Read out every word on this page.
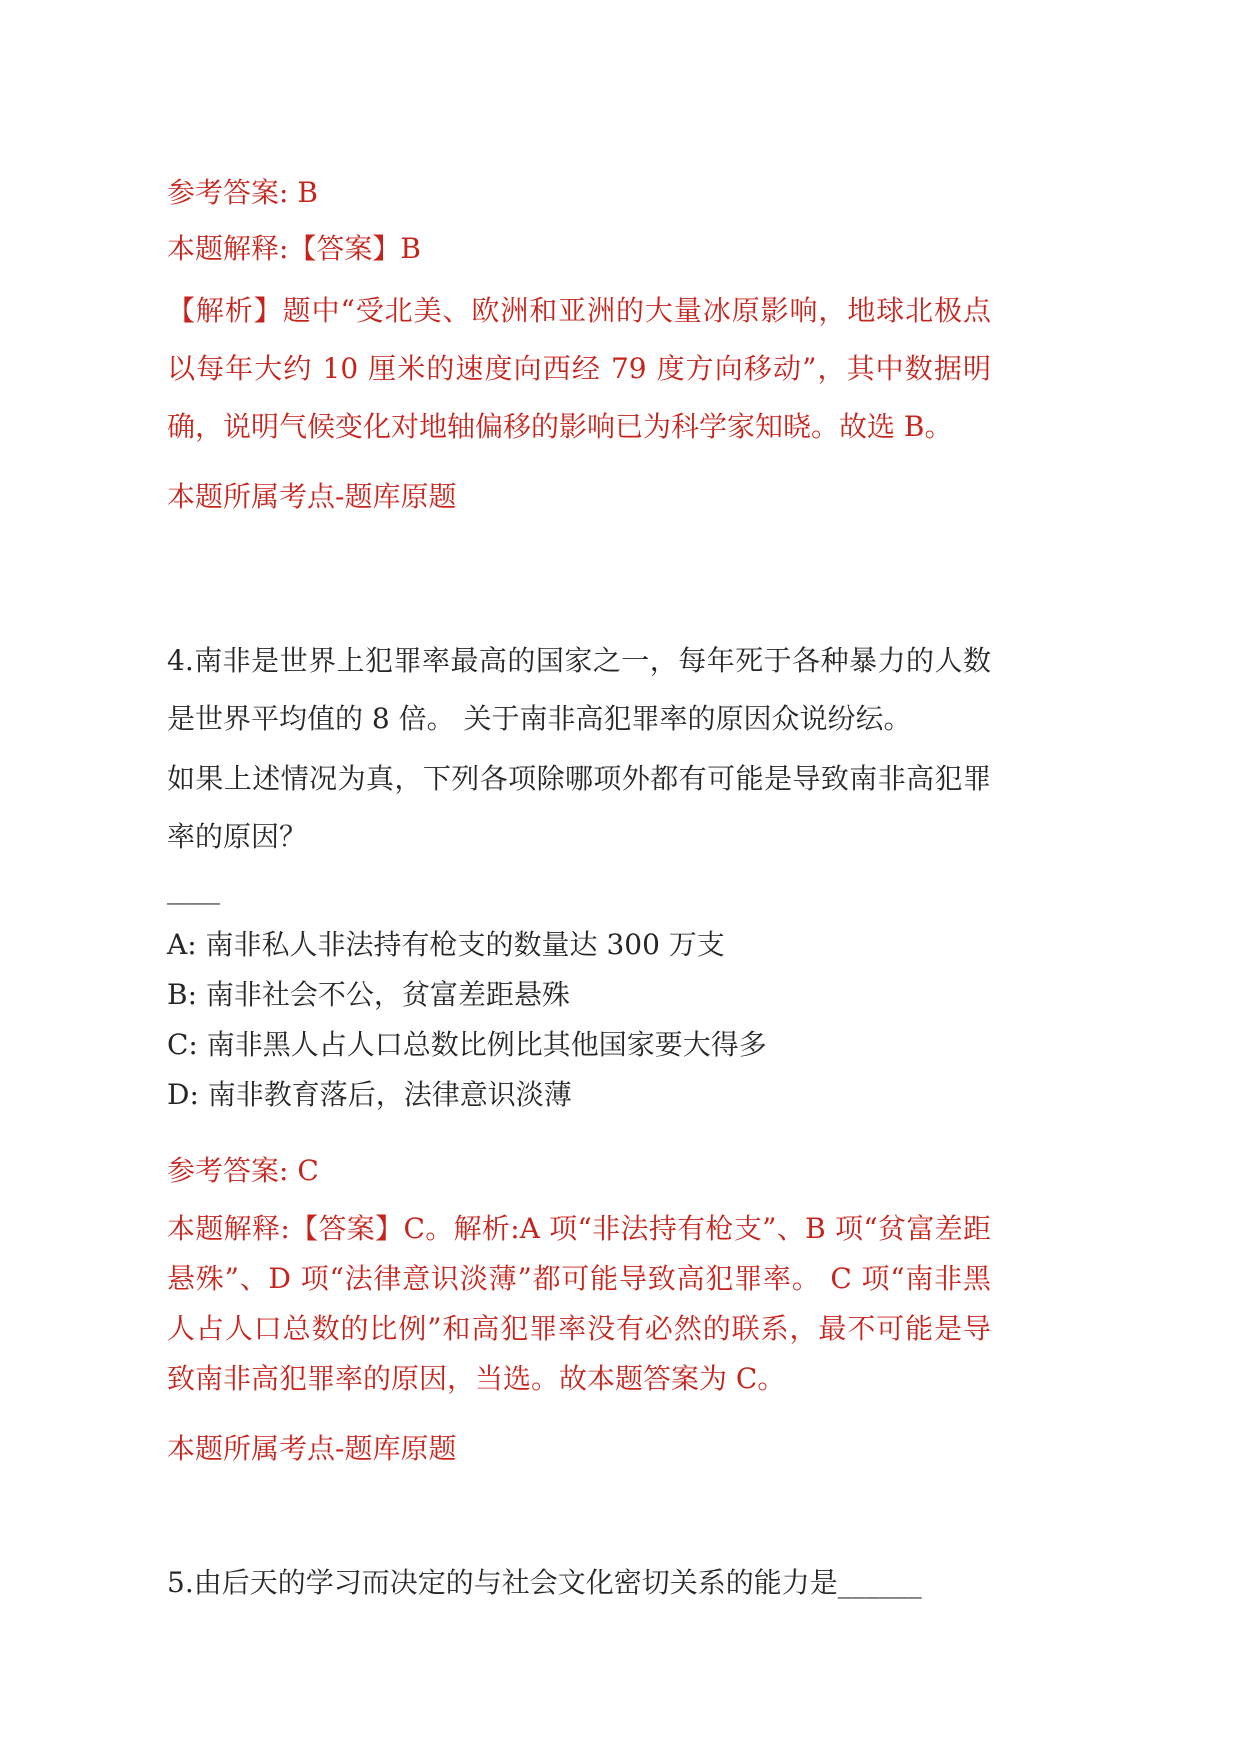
参考答案: B

本题解释:【答案】B

【解析】题中“受北美、欧洲和亚洲的大量冰原影响，地球北极点以每年大约 10 厘米的速度向西经 79 度方向移动”，其中数据明确，说明气候变化对地轴偏移的影响已为科学家知晓。故选 B。

本题所属考点-题库原题

4.南非是世界上犯罪率最高的国家之一，每年死于各种暴力的人数是世界平均值的 8 倍。 关于南非高犯罪率的原因众说纷纭。

如果上述情况为真，下列各项除哪项外都有可能是导致南非高犯罪率的原因？

____

A: 南非私人非法持有枪支的数量达 300 万支

B: 南非社会不公，贫富差距悬殊

C: 南非黑人占人口总数比例比其他国家要大得多

D: 南非教育落后，法律意识淡薄

参考答案: C

本题解释:【答案】C。解析:A 项“非法持有枪支”、B 项“贫富差距悬殊”、D 项“法律意识淡薄”都可能导致高犯罪率。 C 项“南非黑人占人口总数的比例”和高犯罪率没有必然的联系，最不可能是导致南非高犯罪率的原因，当选。故本题答案为 C。

本题所属考点-题库原题

5.由后天的学习而决定的与社会文化密切关系的能力是______
